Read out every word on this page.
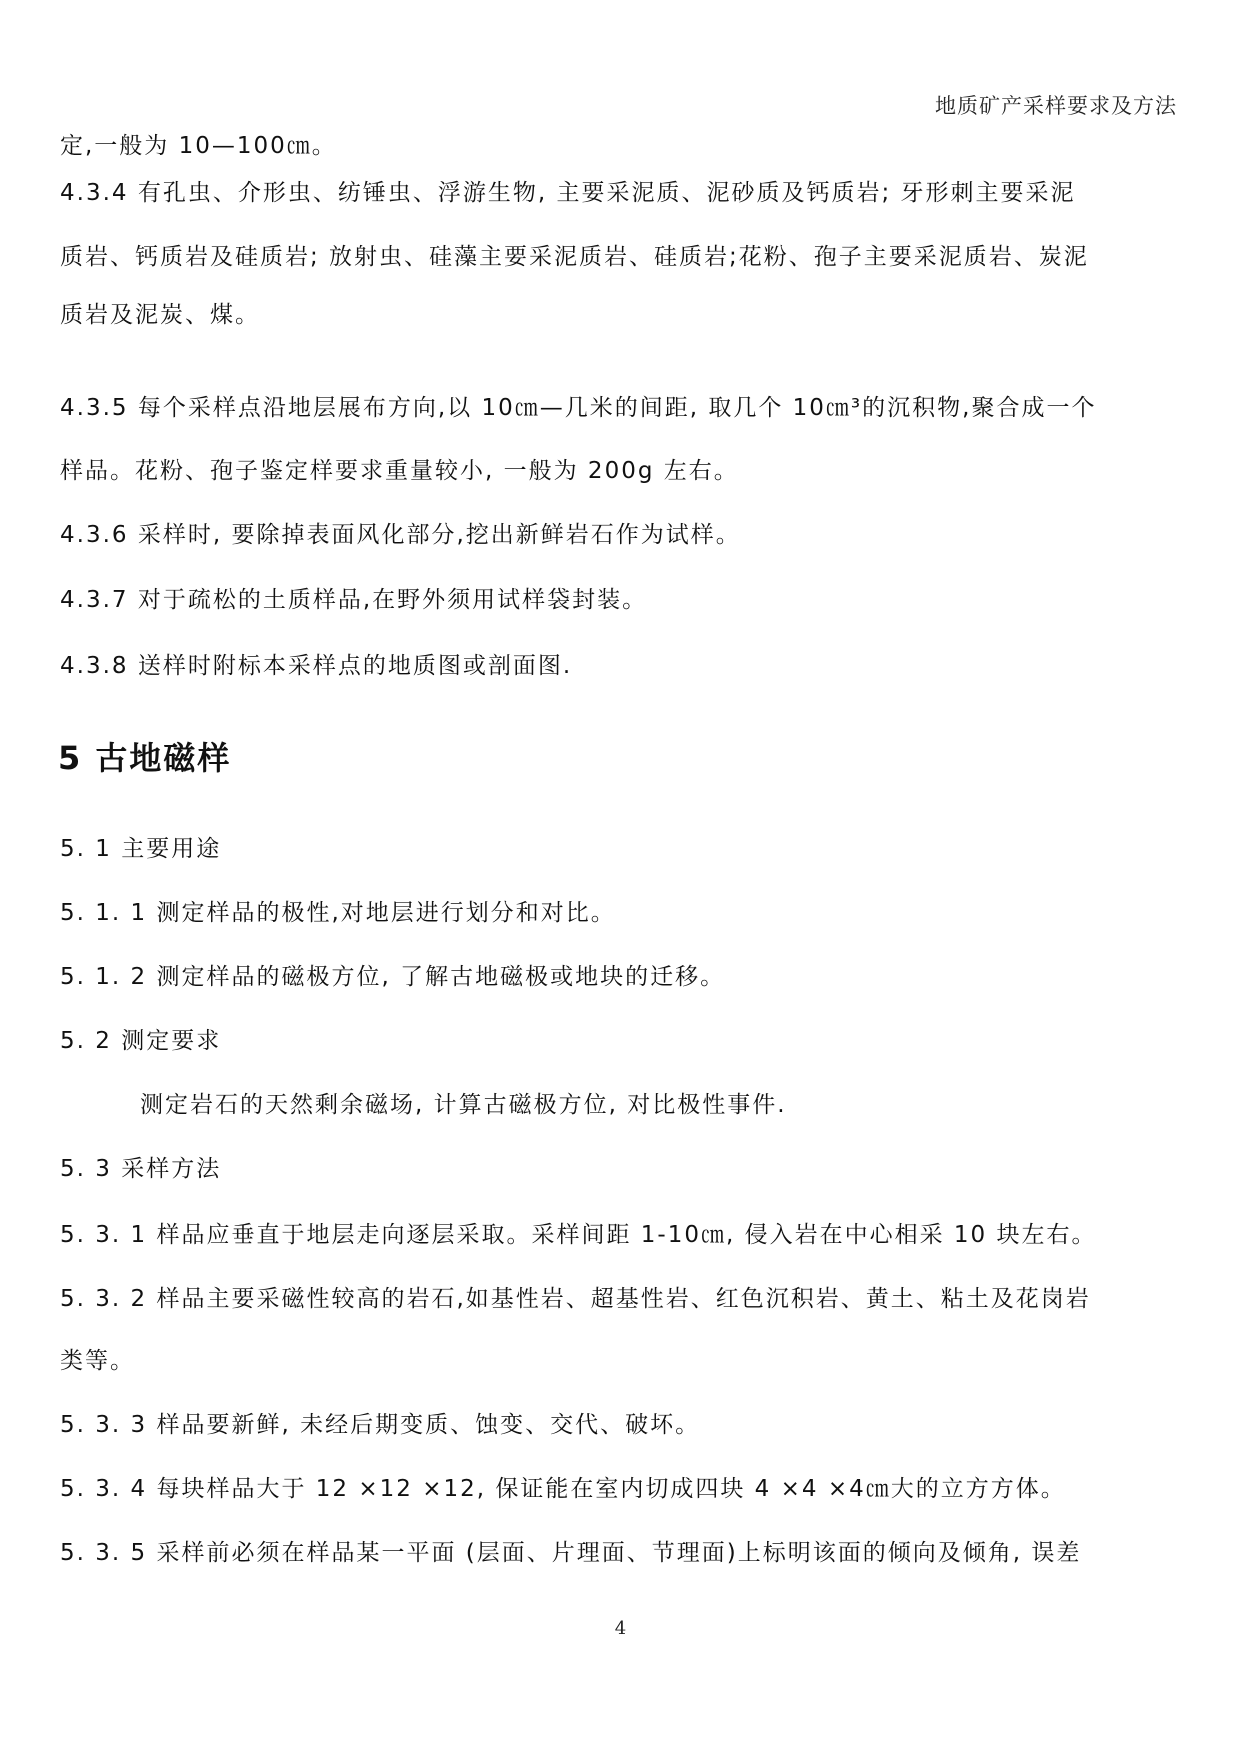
地质矿产采样要求及方法
定,一般为 10—100㎝。
4.3.4 有孔虫、介形虫、纺锤虫、浮游生物, 主要采泥质、泥砂质及钙质岩; 牙形刺主要采泥
质岩、钙质岩及硅质岩; 放射虫、硅藻主要采泥质岩、硅质岩;花粉、孢子主要采泥质岩、炭泥
质岩及泥炭、煤。
4.3.5 每个采样点沿地层展布方向,以 10㎝—几米的间距, 取几个 10㎝³的沉积物,聚合成一个
样品。花粉、孢子鉴定样要求重量较小, 一般为 200g 左右。
4.3.6 采样时, 要除掉表面风化部分,挖出新鲜岩石作为试样。
4.3.7 对于疏松的土质样品,在野外须用试样袋封装。
4.3.8 送样时附标本采样点的地质图或剖面图.
5 古地磁样
5. 1 主要用途
5. 1. 1 测定样品的极性,对地层进行划分和对比。
5. 1. 2 测定样品的磁极方位, 了解古地磁极或地块的迁移。
5. 2 测定要求
测定岩石的天然剩余磁场, 计算古磁极方位, 对比极性事件.
5. 3 采样方法
5. 3. 1 样品应垂直于地层走向逐层采取。采样间距 1-10㎝, 侵入岩在中心相采 10 块左右。
5. 3. 2 样品主要采磁性较高的岩石,如基性岩、超基性岩、红色沉积岩、黄土、粘土及花岗岩
类等。
5. 3. 3 样品要新鲜, 未经后期变质、蚀变、交代、破坏。
5. 3. 4 每块样品大于 12 ×12 ×12, 保证能在室内切成四块 4 ×4 ×4㎝大的立方方体。
5. 3. 5 采样前必须在样品某一平面 (层面、片理面、节理面)上标明该面的倾向及倾角, 误差
4
